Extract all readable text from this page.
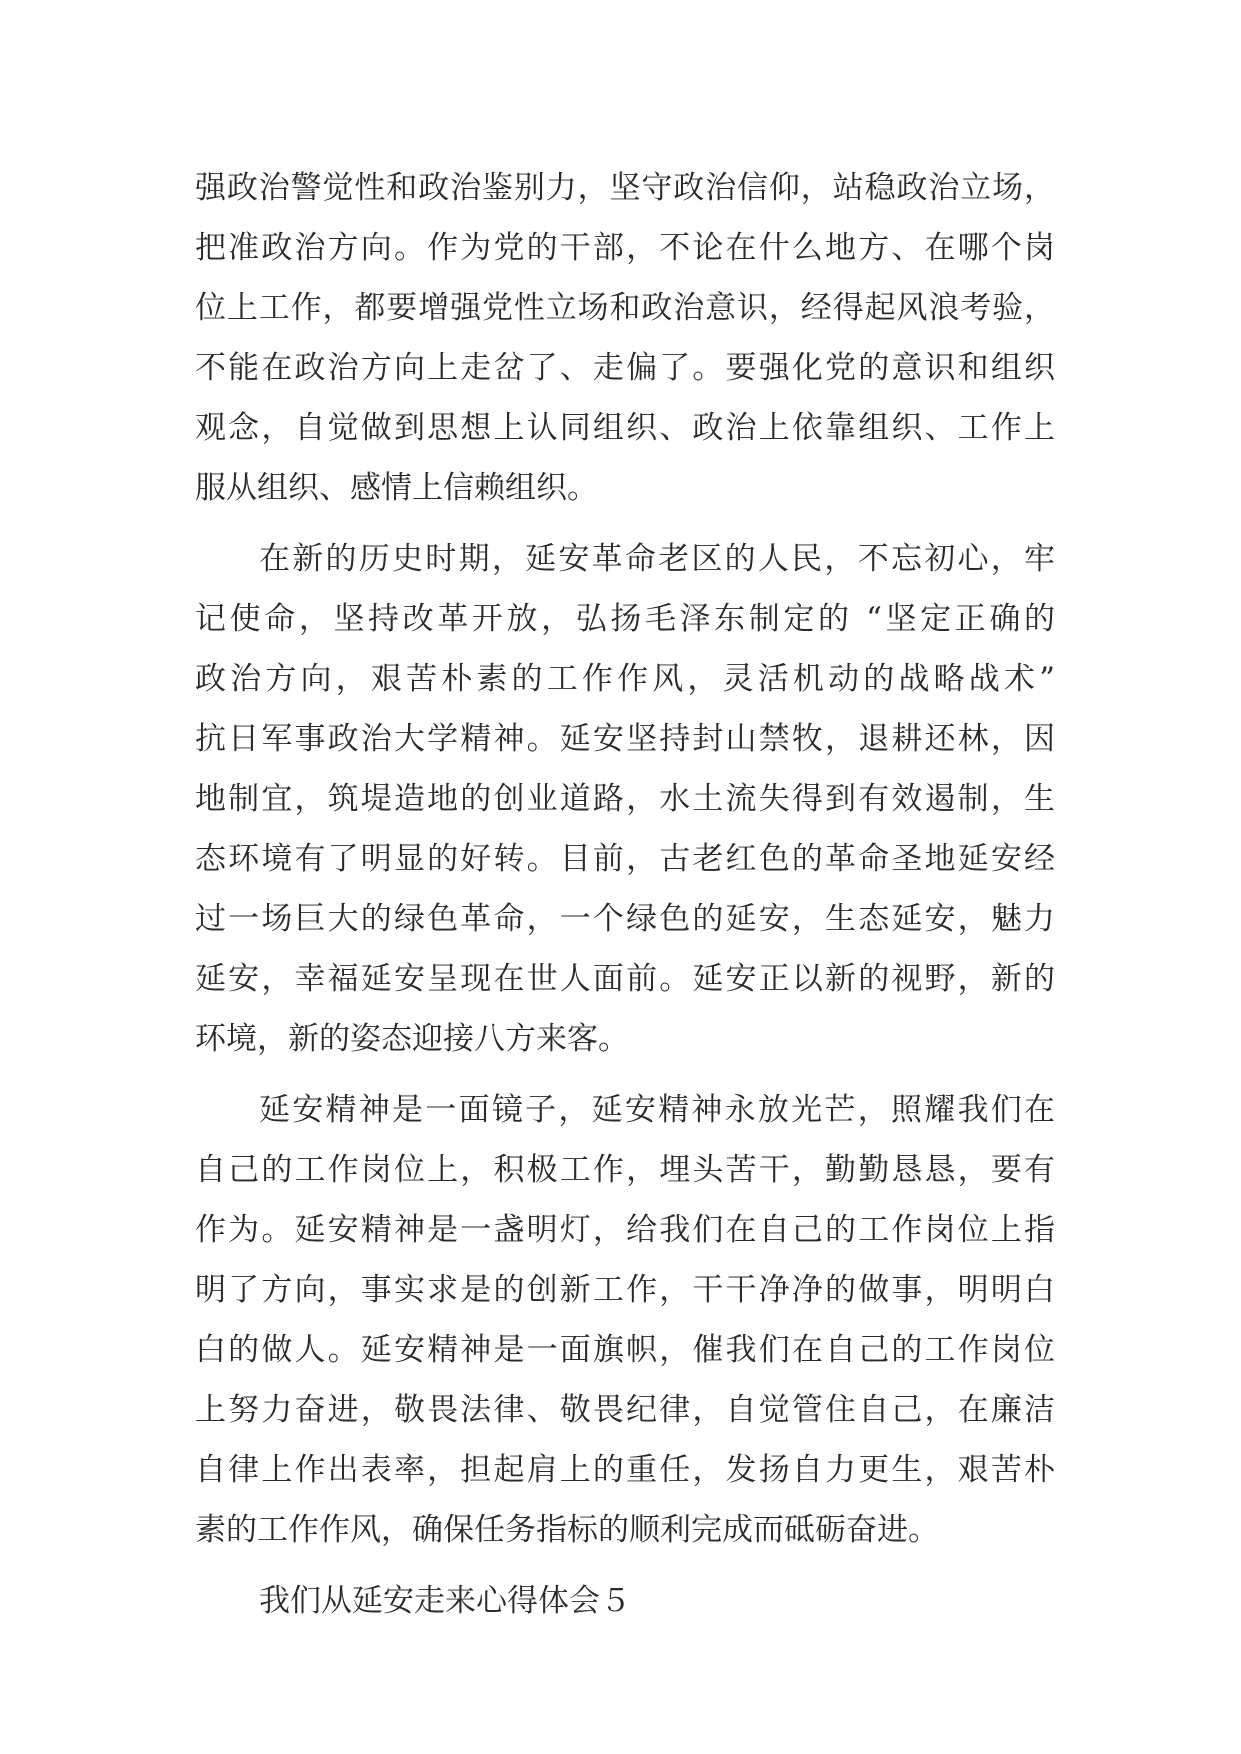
强政治警觉性和政治鉴别力，坚守政治信仰，站稳政治立场，
把准政治方向。作为党的干部，不论在什么地方、在哪个岗
位上工作，都要增强党性立场和政治意识，经得起风浪考验，
不能在政治方向上走岔了、走偏了。要强化党的意识和组织
观念，自觉做到思想上认同组织、政治上依靠组织、工作上
服从组织、感情上信赖组织。
在新的历史时期，延安革命老区的人民，不忘初心，牢
记使命，坚持改革开放，弘扬毛泽东制定的 “坚定正确的
政治方向，艰苦朴素的工作作风，灵活机动的战略战术”
抗日军事政治大学精神。延安坚持封山禁牧，退耕还林，因
地制宜，筑堤造地的创业道路，水土流失得到有效遏制，生
态环境有了明显的好转。目前，古老红色的革命圣地延安经
过一场巨大的绿色革命，一个绿色的延安，生态延安，魅力
延安，幸福延安呈现在世人面前。延安正以新的视野，新的
环境，新的姿态迎接八方来客。
延安精神是一面镜子，延安精神永放光芒，照耀我们在
自己的工作岗位上，积极工作，埋头苦干，勤勤恳恳，要有
作为。延安精神是一盏明灯，给我们在自己的工作岗位上指
明了方向，事实求是的创新工作，干干净净的做事，明明白
白的做人。延安精神是一面旗帜，催我们在自己的工作岗位
上努力奋进，敬畏法律、敬畏纪律，自觉管住自己，在廉洁
自律上作出表率，担起肩上的重任，发扬自力更生，艰苦朴
素的工作作风，确保任务指标的顺利完成而砥砺奋进。
我们从延安走来心得体会５
